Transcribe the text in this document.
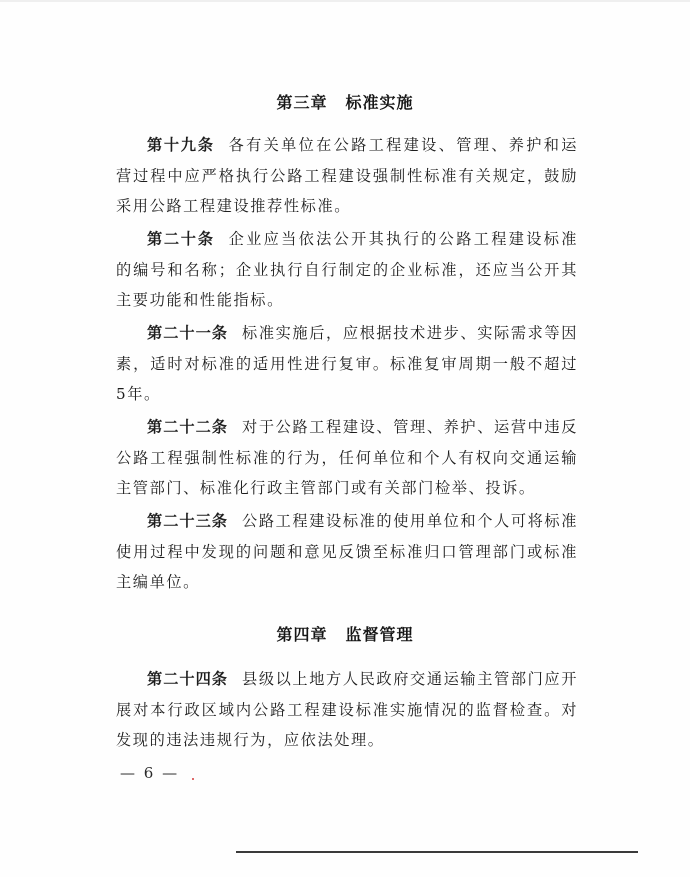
第三章 标准实施

第十九条 各有关单位在公路工程建设、管理、养护和运营过程中应严格执行公路工程建设强制性标准有关规定，鼓励采用公路工程建设推荐性标准。

第二十条 企业应当依法公开其执行的公路工程建设标准的编号和名称；企业执行自行制定的企业标准，还应当公开其主要功能和性能指标。

第二十一条 标准实施后，应根据技术进步、实际需求等因素，适时对标准的适用性进行复审。标准复审周期一般不超过5年。

第二十二条 对于公路工程建设、管理、养护、运营中违反公路工程强制性标准的行为，任何单位和个人有权向交通运输主管部门、标准化行政主管部门或有关部门检举、投诉。

第二十三条 公路工程建设标准的使用单位和个人可将标准使用过程中发现的问题和意见反馈至标准归口管理部门或标准主编单位。

第四章 监督管理

第二十四条 县级以上地方人民政府交通运输主管部门应开展对本行政区域内公路工程建设标准实施情况的监督检查。对发现的违法违规行为，应依法处理。

— 6 —
